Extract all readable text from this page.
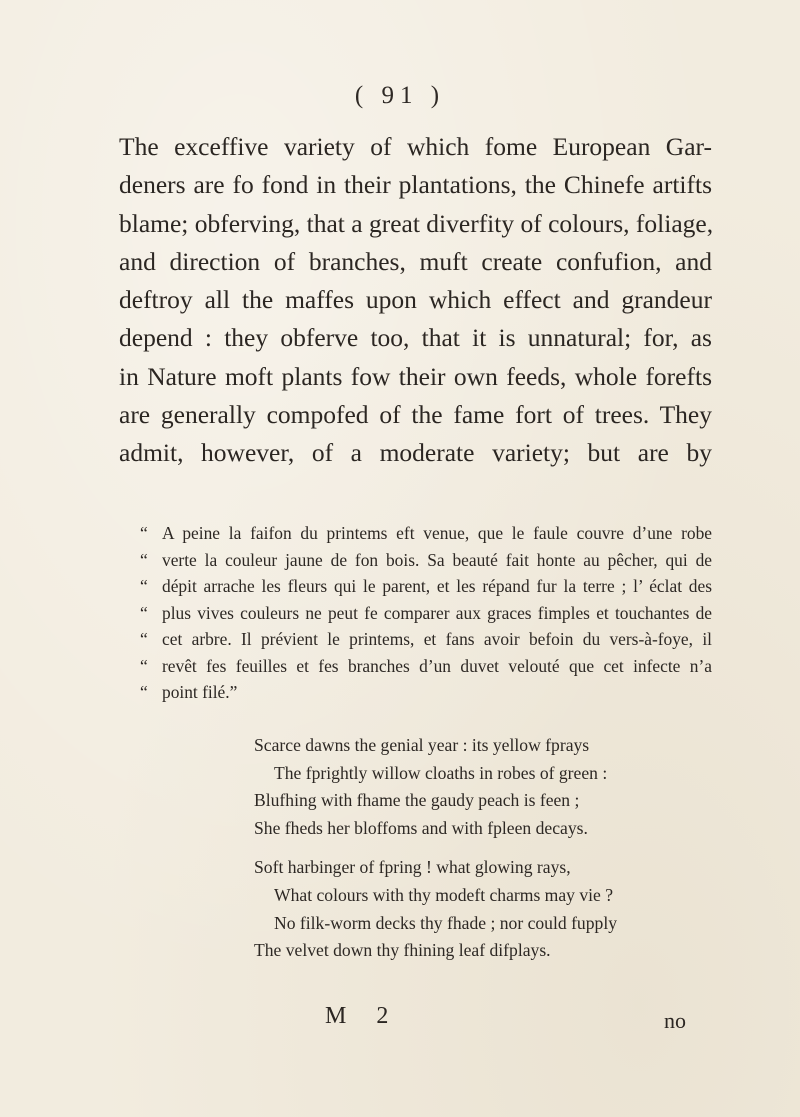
( 91 )
The exceffive variety of which fome European Gar-
deners are fo fond in their plantations, the Chinefe artifts
blame; obferving, that a great diverfity of colours, foliage,
and direction of branches, muft create confufion, and
deftroy all the maffes upon which effect and grandeur
depend : they obferve too, that it is unnatural; for, as
in Nature moft plants fow their own feeds, whole forefts
are generally compofed of the fame fort of trees. They
admit, however, of a moderate variety; but are by
“ A peine la faifon du printems eft venue, que le faule couvre d’une robe
“ verte la couleur jaune de fon bois. Sa beauté fait honte au pêcher, qui de
“ dépit arrache les fleurs qui le parent, et les répand fur la terre ; l’ éclat des
“ plus vives couleurs ne peut fe comparer aux graces fimples et touchantes de
“ cet arbre. Il prévient le printems, et fans avoir befoin du vers-à-foye, il
“ revêt fes feuilles et fes branches d’un duvet velouté que cet infecte n’a
“ point filé.”
Scarce dawns the genial year : its yellow fprays
The fprightly willow cloaths in robes of green :
Blufhing with fhame the gaudy peach is feen ;
She fheds her bloffoms and with fpleen decays.
Soft harbinger of fpring ! what glowing rays,
What colours with thy modeft charms may vie ?
No filk-worm decks thy fhade ; nor could fupply
The velvet down thy fhining leaf difplays.
M 2	no
